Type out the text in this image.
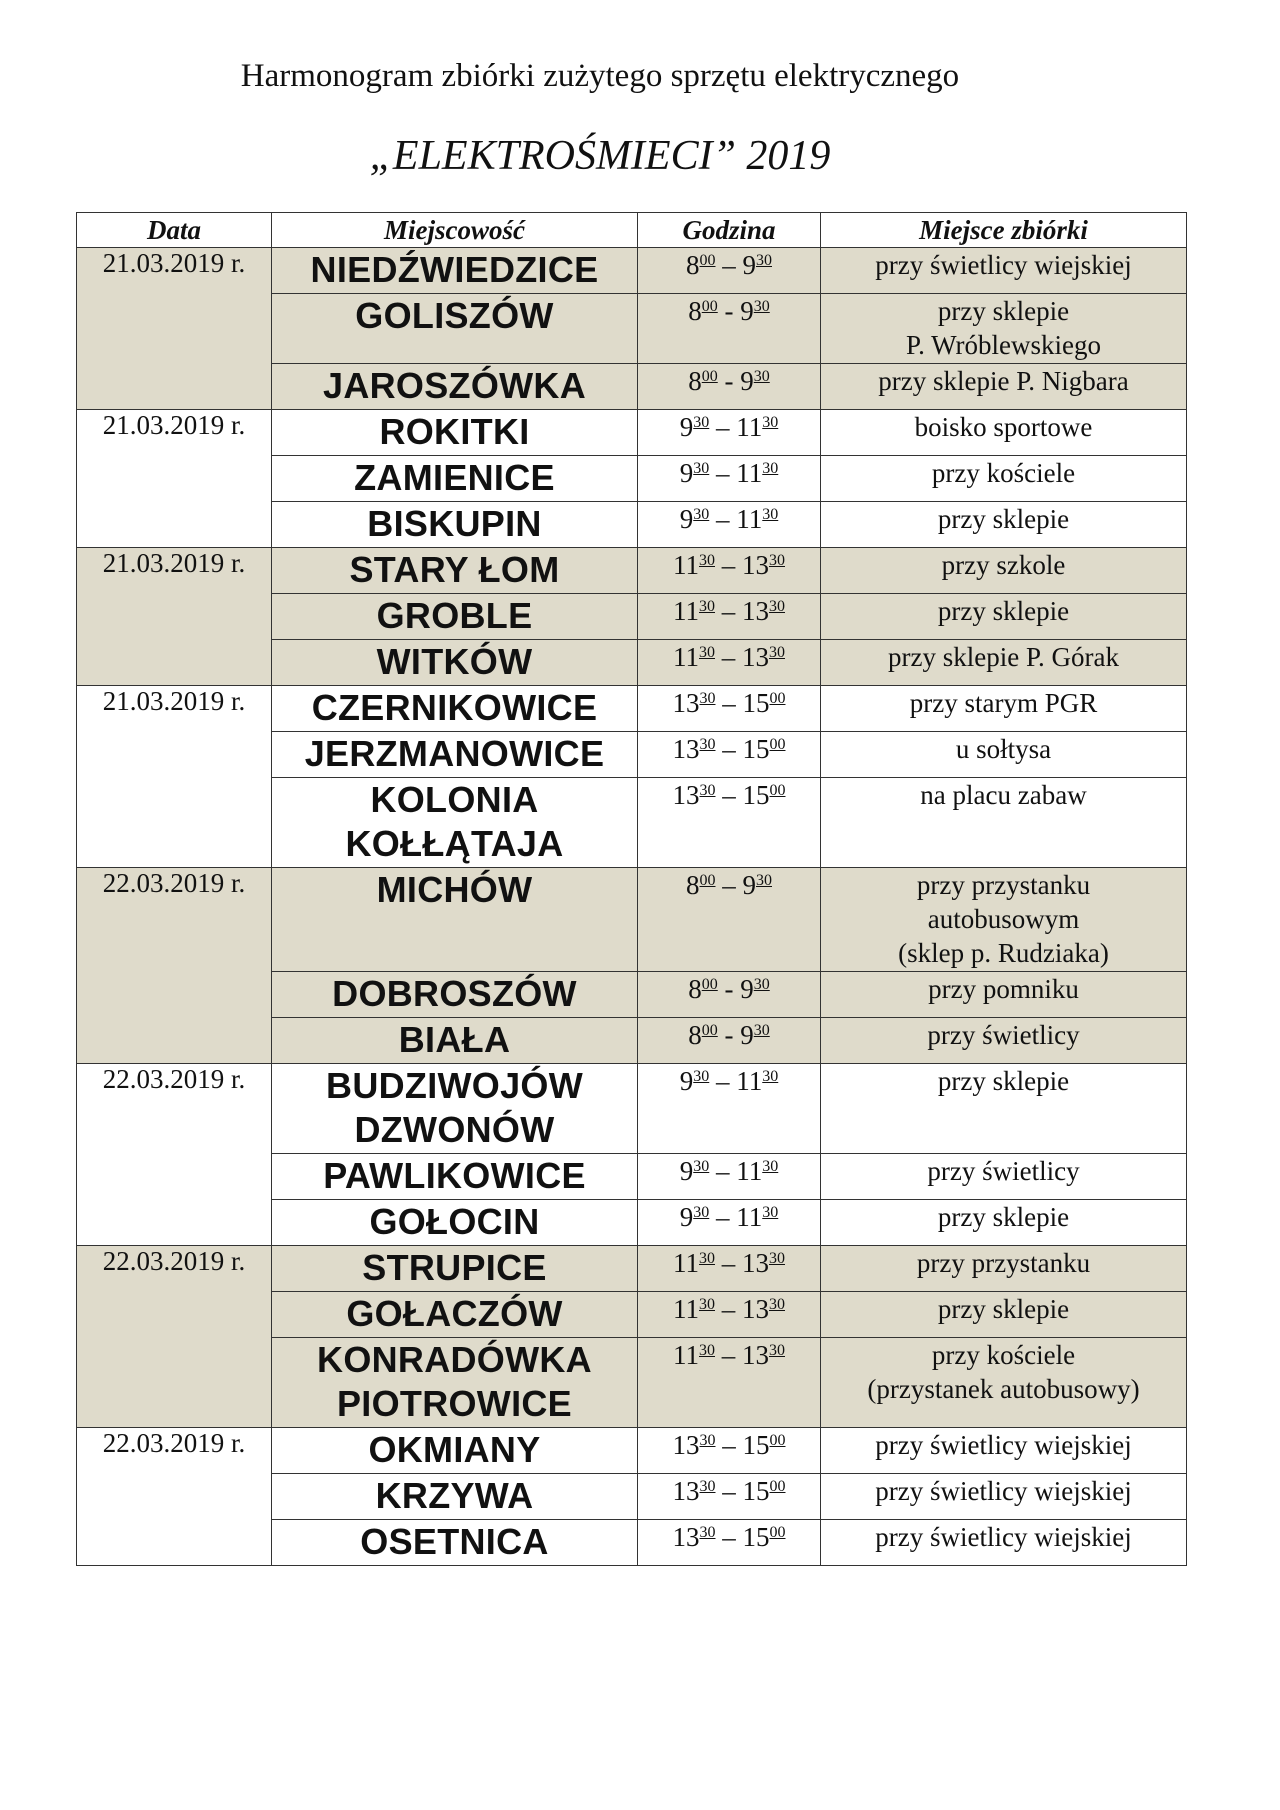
Harmonogram zbiórki zużytego sprzętu elektrycznego
„ELEKTROŚMIECI” 2019
Data	Miejscowość	Godzina	Miejsce zbiórki
21.03.2019 r.	NIEDŹWIEDZICE	$8^{00} - 9^{30}$	przy świetlicy wiejskiej

	GOLISZÓW	$8^{00} - 9^{30}$	przy sklepie
P. Wróblewskiego

	JAROSZÓWKA	$8^{00} - 9^{30}$	przy sklepie P. Nigbara

21.03.2019 r.	ROKITKI	$9^{30} - 11^{30}$	boisko sportowe

	ZAMIENICE	$9^{30} - 11^{30}$	przy kościele

	BISKUPIN	$9^{30} - 11^{30}$	przy sklepie

21.03.2019 r.	STARY ŁOM	$11^{30} - 13^{30}$	przy szkole

	GROBLE	$11^{30} - 13^{30}$	przy sklepie

	WITKÓW	$11^{30} - 13^{30}$	przy sklepie P. Górak

21.03.2019 r.	CZERNIKOWICE	$13^{30} - 15^{00}$	przy starym PGR

	JERZMANOWICE	$13^{30} - 15^{00}$	u sołtysa

	KOLONIA
KOŁŁĄTAJA	$13^{30} - 15^{00}$	na placu zabaw

22.03.2019 r.	MICHÓW	$8^{00} - 9^{30}$	przy przystanku
autobusowym
(sklep p. Rudziaka)

	DOBROSZÓW	$8^{00} - 9^{30}$	przy pomniku

	BIAŁA	$8^{00} - 9^{30}$	przy świetlicy

22.03.2019 r.	BUDZIWOJÓW
DZWONÓW	$9^{30} - 11^{30}$	przy sklepie

	PAWLIKOWICE	$9^{30} - 11^{30}$	przy świetlicy

	GOŁOCIN	$9^{30} - 11^{30}$	przy sklepie

22.03.2019 r.	STRUPICE	$11^{30} - 13^{30}$	przy przystanku

	GOŁACZÓW	$11^{30} - 13^{30}$	przy sklepie

	KONRADÓWKA
PIOTROWICE	$11^{30} - 13^{30}$	przy kościele
(przystanek autobusowy)

22.03.2019 r.	OKMIANY	$13^{30} - 15^{00}$	przy świetlicy wiejskiej

	KRZYWA	$13^{30} - 15^{00}$	przy świetlicy wiejskiej

	OSETNICA	$13^{30} - 15^{00}$	przy świetlicy wiejskiej
